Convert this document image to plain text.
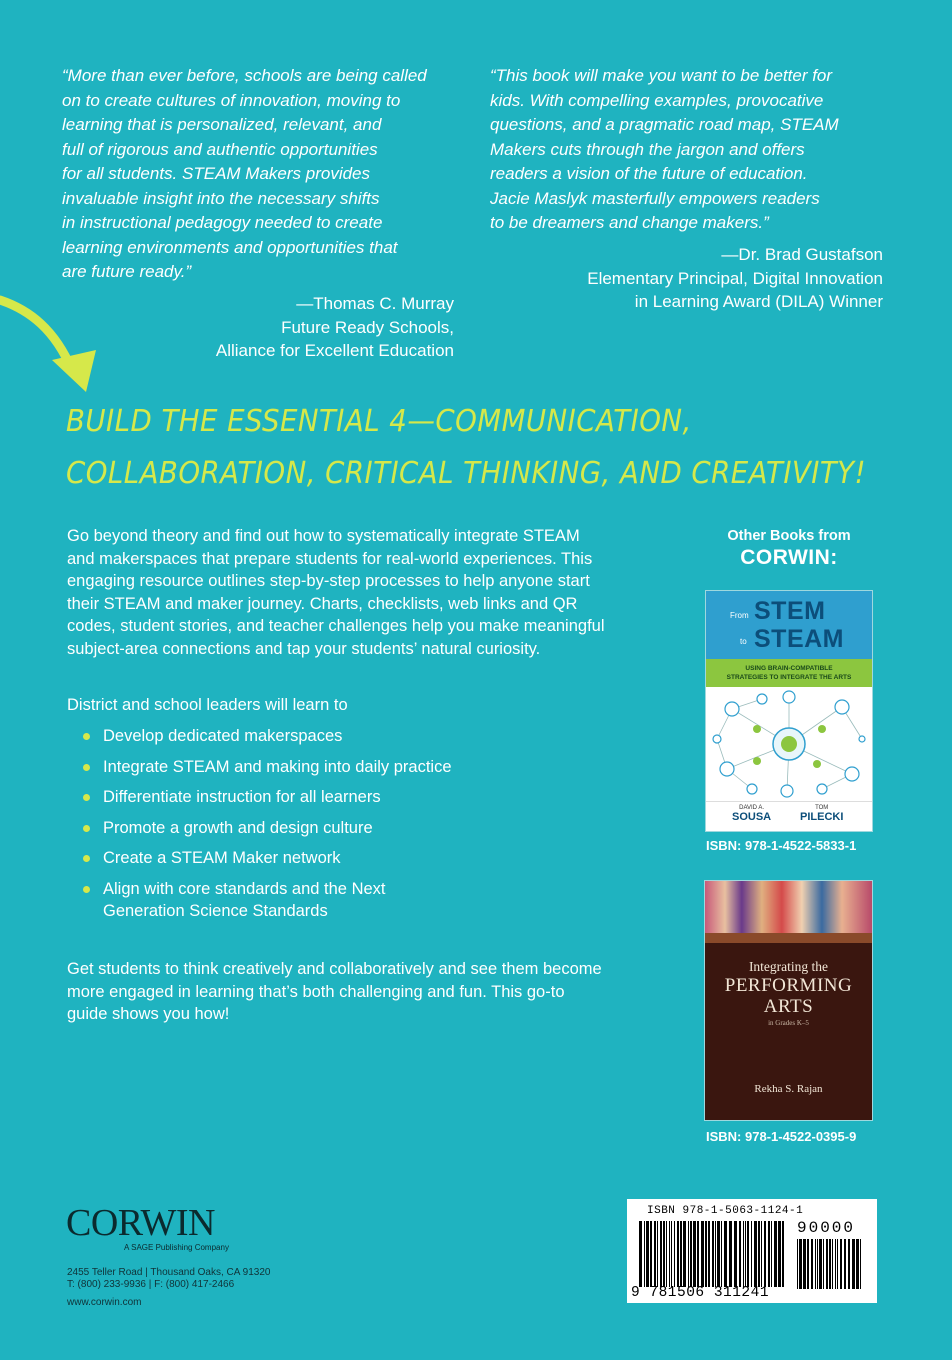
“More than ever before, schools are being called
on to create cultures of innovation, moving to
learning that is personalized, relevant, and
full of rigorous and authentic opportunities
for all students. STEAM Makers provides
invaluable insight into the necessary shifts
in instructional pedagogy needed to create
learning environments and opportunities that
are future ready.”
—Thomas C. Murray
Future Ready Schools,
Alliance for Excellent Education
“This book will make you want to be better for
kids. With compelling examples, provocative
questions, and a pragmatic road map, STEAM
Makers cuts through the jargon and offers
readers a vision of the future of education.
Jacie Maslyk masterfully empowers readers
to be dreamers and change makers.”
—Dr. Brad Gustafson
Elementary Principal, Digital Innovation
in Learning Award (DILA) Winner
BUILD THE ESSENTIAL 4—COMMUNICATION,
COLLABORATION, CRITICAL THINKING, AND CREATIVITY!
Go beyond theory and find out how to systematically integrate STEAM
and makerspaces that prepare students for real-world experiences. This
engaging resource outlines step-by-step processes to help anyone start
their STEAM and maker journey. Charts, checklists, web links and QR
codes, student stories, and teacher challenges help you make meaningful
subject-area connections and tap your students’ natural curiosity.
District and school leaders will learn to
Develop dedicated makerspaces
Integrate STEAM and making into daily practice
Differentiate instruction for all learners
Promote a growth and design culture
Create a STEAM Maker network
Align with core standards and the Next
Generation Science Standards
Get students to think creatively and collaboratively and see them become
more engaged in learning that’s both challenging and fun. This go-to
guide shows you how!
Other Books from
CORWIN:
From STEM
to STEAM
USING BRAIN-COMPATIBLE
STRATEGIES TO INTEGRATE THE ARTS
DAVID A.
SOUSA
TOM
PILECKI
ISBN: 978-1-4522-5833-1
Integrating the
PERFORMING
ARTS
in Grades K–5
Rekha S. Rajan
ISBN: 978-1-4522-0395-9
CORWIN
A SAGE Publishing Company
2455 Teller Road | Thousand Oaks, CA 91320
T: (800) 233-9936 | F: (800) 417-2466
www.corwin.com
ISBN 978-1-5063-1124-1
90000
9 781506 311241
